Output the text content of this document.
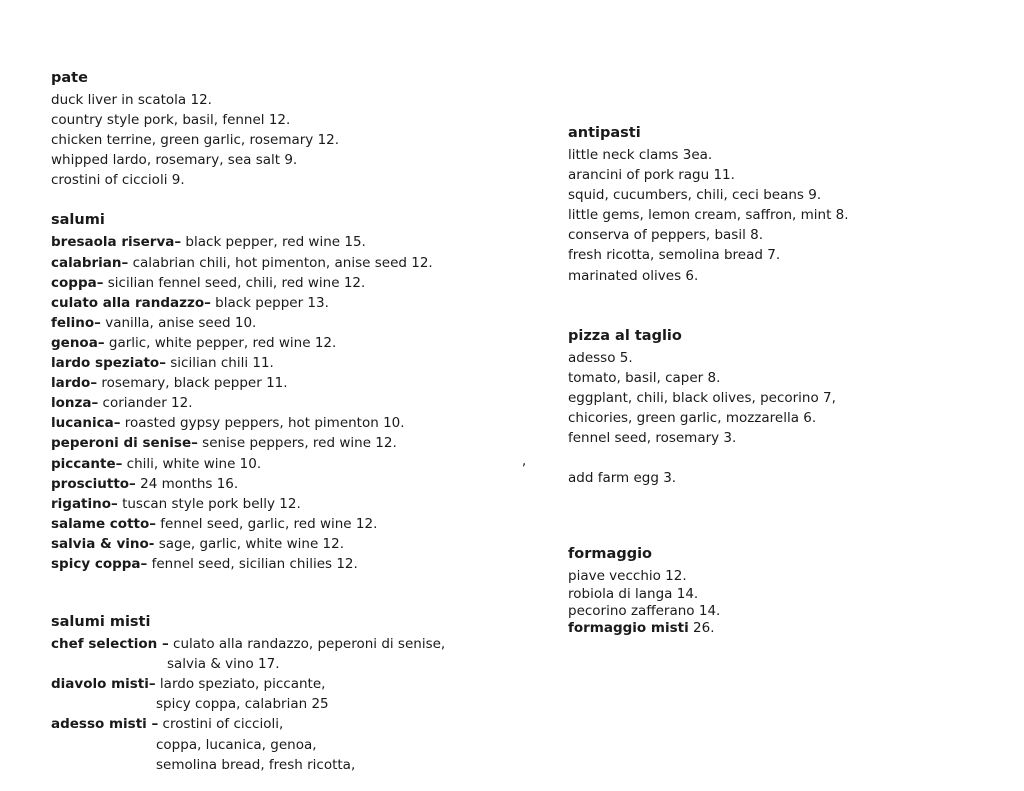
pate
duck liver in scatola 12.
country style pork, basil, fennel 12.
chicken terrine, green garlic, rosemary 12.
whipped lardo, rosemary, sea salt 9.
crostini of ciccioli 9.
salumi
bresaola riserva– black pepper, red wine 15.
calabrian– calabrian chili, hot pimenton, anise seed 12.
coppa– sicilian fennel seed, chili, red wine 12.
culato alla randazzo– black pepper 13.
felino– vanilla, anise seed 10.
genoa– garlic, white pepper, red wine 12.
lardo speziato– sicilian chili 11.
lardo– rosemary, black pepper 11.
lonza– coriander 12.
lucanica– roasted gypsy peppers, hot pimenton 10.
peperoni di senise– senise peppers, red wine 12.
piccante– chili, white wine 10.
prosciutto– 24 months 16.
rigatino– tuscan style pork belly 12.
salame cotto– fennel seed, garlic, red wine 12.
salvia & vino- sage, garlic, white wine 12.
spicy coppa– fennel seed, sicilian chilies 12.
salumi misti
chef selection – culato alla randazzo, peperoni di senise,
salvia & vino 17.
diavolo misti– lardo speziato, piccante,
spicy coppa, calabrian 25
adesso misti – crostini of ciccioli,
coppa, lucanica, genoa,
semolina bread, fresh ricotta,
,
antipasti
little neck clams 3ea.
arancini of pork ragu 11.
squid, cucumbers, chili, ceci beans 9.
little gems, lemon cream, saffron, mint 8.
conserva of peppers, basil 8.
fresh ricotta, semolina bread 7.
marinated olives 6.
pizza al taglio
adesso 5.
tomato, basil, caper 8.
eggplant, chili, black olives, pecorino 7,
chicories, green garlic, mozzarella 6.
fennel seed, rosemary 3.
add farm egg 3.
formaggio
piave vecchio 12.
robiola di langa 14.
pecorino zafferano 14.
formaggio misti 26.
